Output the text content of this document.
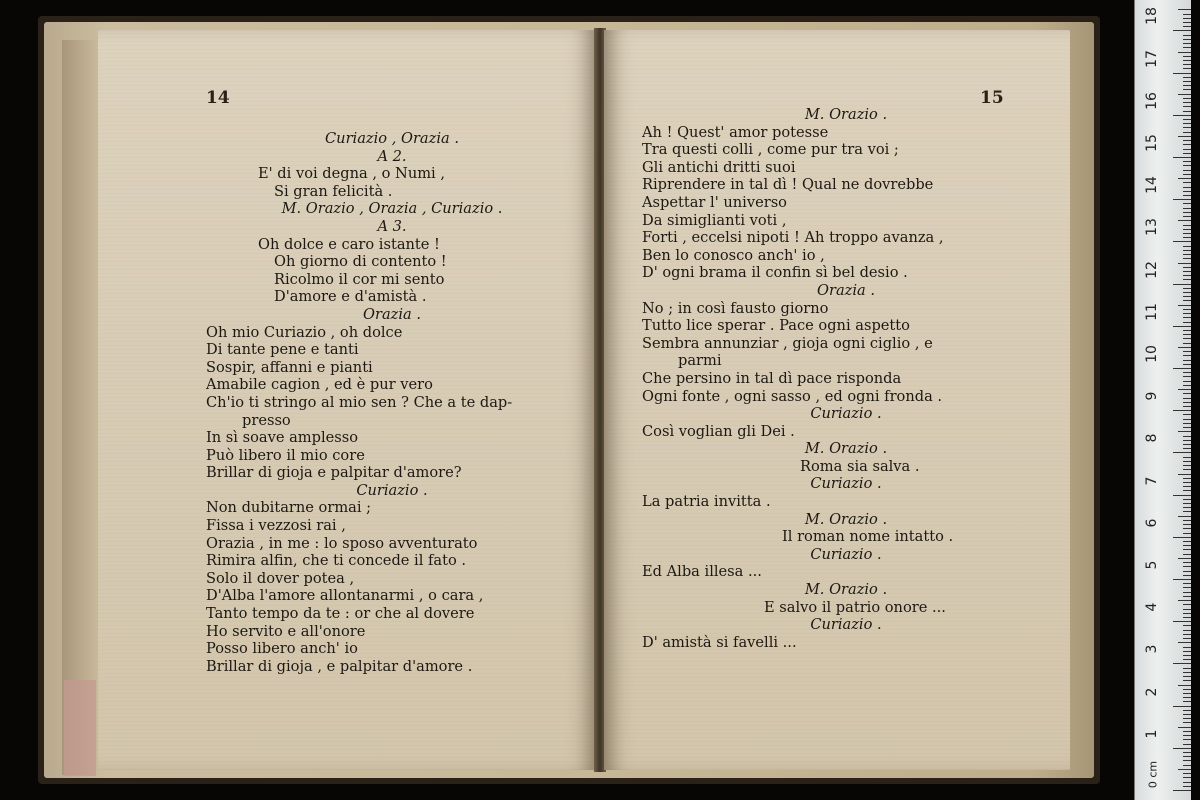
14
Curiazio , Orazia .
A 2.
E' di voi degna , o Numi ,
Si gran felicità .
M. Orazio , Orazia , Curiazio .
A 3.
Oh dolce e caro istante !
Oh giorno di contento !
Ricolmo il cor mi sento
D'amore e d'amistà .
Orazia .
Oh mio Curiazio , oh dolce
Di tante pene e tanti
Sospir, affanni e pianti
Amabile cagion , ed è pur vero
Ch'io ti stringo al mio sen ? Che a te dap-
presso
In sì soave amplesso
Può libero il mio core
Brillar di gioja e palpitar d'amore?
Curiazio .
Non dubitarne ormai ;
Fissa i vezzosi rai ,
Orazia , in me : lo sposo avventurato
Rimira alfin, che ti concede il fato .
Solo il dover potea ,
D'Alba l'amore allontanarmi , o cara ,
Tanto tempo da te : or che al dovere
Ho servito e all'onore
Posso libero anch' io
Brillar di gioja , e palpitar d'amore .
15
M. Orazio .
Ah ! Quest' amor potesse
Tra questi colli , come pur tra voi ;
Gli antichi dritti suoi
Riprendere in tal dì ! Qual ne dovrebbe
Aspettar l' universo
Da simiglianti voti ,
Forti , eccelsi nipoti ! Ah troppo avanza ,
Ben lo conosco anch' io ,
D' ogni brama il confin sì bel desio .
Orazia .
No ; in così fausto giorno
Tutto lice sperar . Pace ogni aspetto
Sembra annunziar , gioja ogni ciglio , e
parmi
Che persino in tal dì pace risponda
Ogni fonte , ogni sasso , ed ogni fronda .
Curiazio .
Così voglian gli Dei .
M. Orazio .
Roma sia salva .
Curiazio .
La patria invitta .
M. Orazio .
Il roman nome intatto .
Curiazio .
Ed Alba illesa ...
M. Orazio .
E salvo il patrio onore ...
Curiazio .
D' amistà si favelli ...
0 cm
1
2
3
4
5
6
7
8
9
10
11
12
13
14
15
16
17
18
